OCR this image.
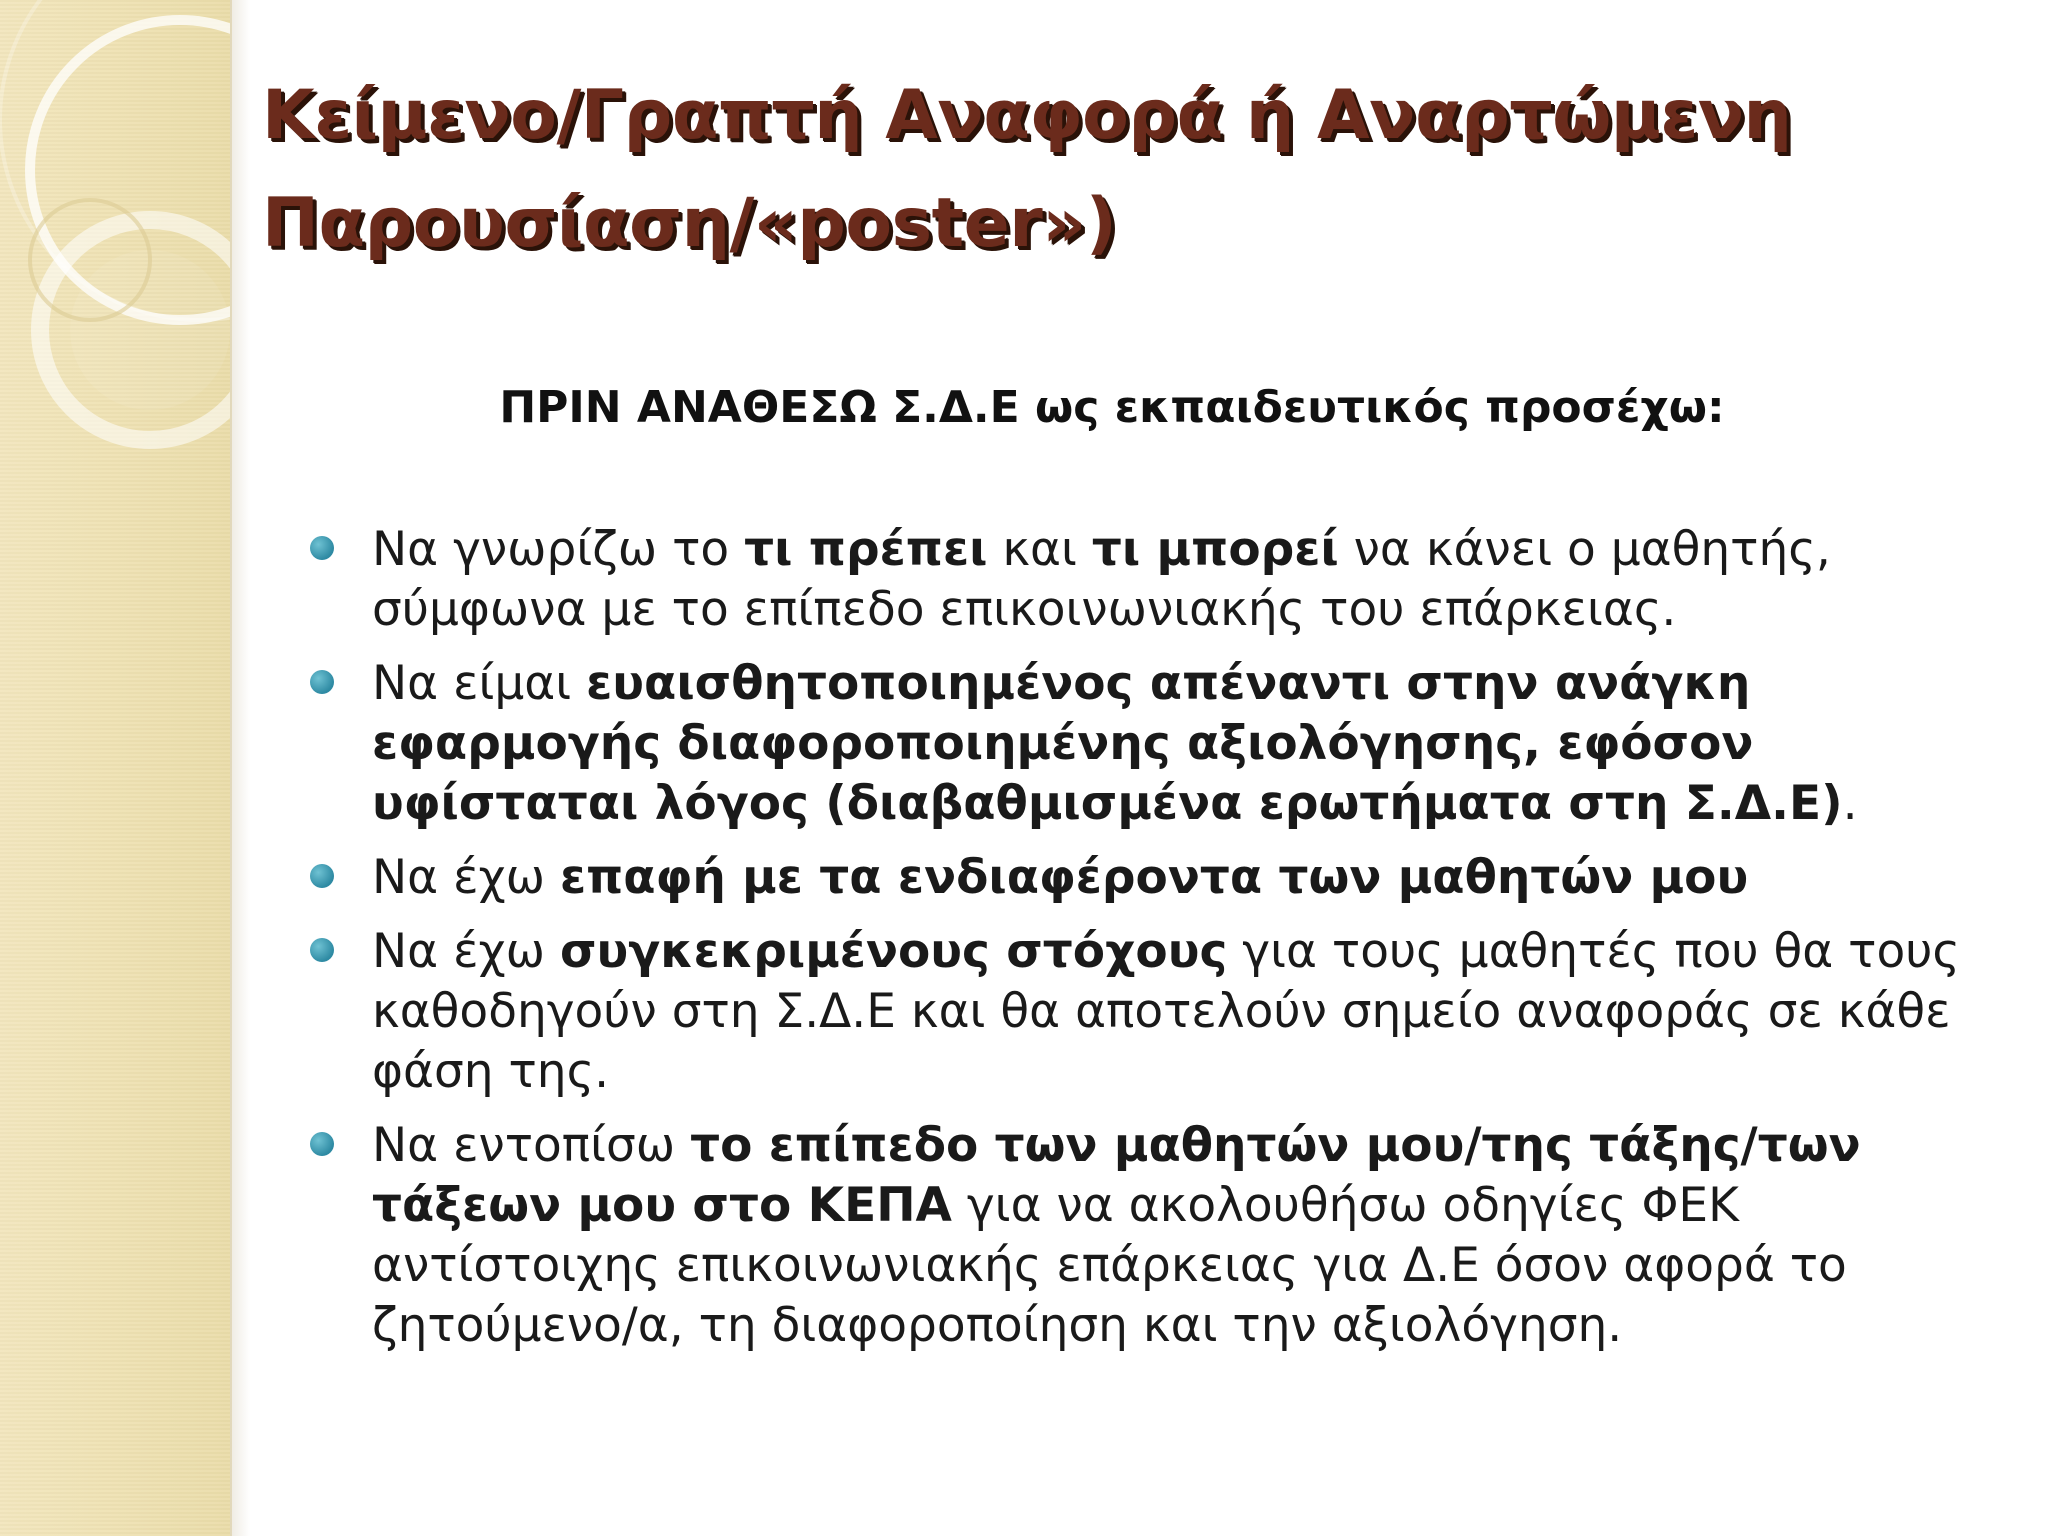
Κείμενο/Γραπτή Αναφορά ή Αναρτώμενη
Παρουσίαση/«poster»)

ΠΡΙΝ ΑΝΑΘΕΣΩ Σ.Δ.Ε ως εκπαιδευτικός προσέχω:

Να γνωρίζω το τι πρέπει και τι μπορεί να κάνει ο μαθητής, σύμφωνα με το επίπεδο επικοινωνιακής του επάρκειας.
Να είμαι ευαισθητοποιημένος απέναντι στην ανάγκη εφαρμογής διαφοροποιημένης αξιολόγησης, εφόσον υφίσταται λόγος (διαβαθμισμένα ερωτήματα στη Σ.Δ.Ε).
Να έχω επαφή με τα ενδιαφέροντα των μαθητών μου
Να έχω συγκεκριμένους στόχους για τους μαθητές που θα τους καθοδηγούν στη Σ.Δ.Ε και θα αποτελούν σημείο αναφοράς σε κάθε φάση της.
Να εντοπίσω το επίπεδο των μαθητών μου/της τάξης/των τάξεων μου στο ΚΕΠΑ για να ακολουθήσω οδηγίες ΦΕΚ αντίστοιχης επικοινωνιακής επάρκειας για Δ.Ε όσον αφορά το ζητούμενο/α, τη διαφοροποίηση και την αξιολόγηση.
